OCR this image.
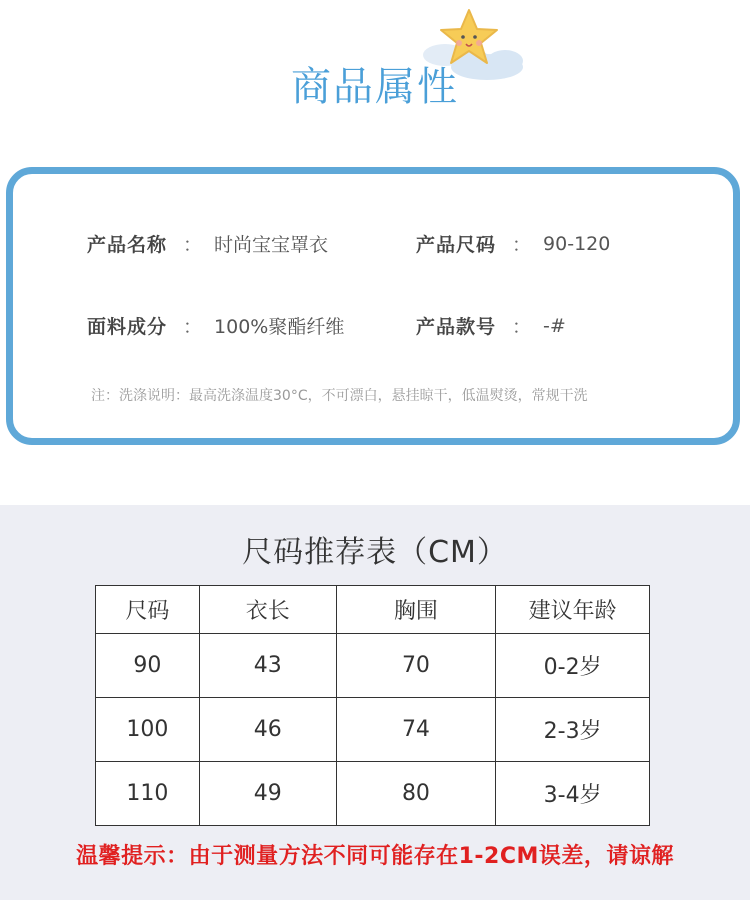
商品属性
产品名称 ： 时尚宝宝罩衣	产品尺码 ： 90-120
面料成分 ： 100%聚酯纤维	产品款号 ： -#
注：洗涤说明：最高洗涤温度30°C，不可漂白，悬挂晾干，低温熨烫，常规干洗
尺码推荐表（CM）
尺码	衣长	胸围	建议年龄
90	43	70	0-2岁
100	46	74	2-3岁
110	49	80	3-4岁
温馨提示：由于测量方法不同可能存在1-2CM误差，请谅解
